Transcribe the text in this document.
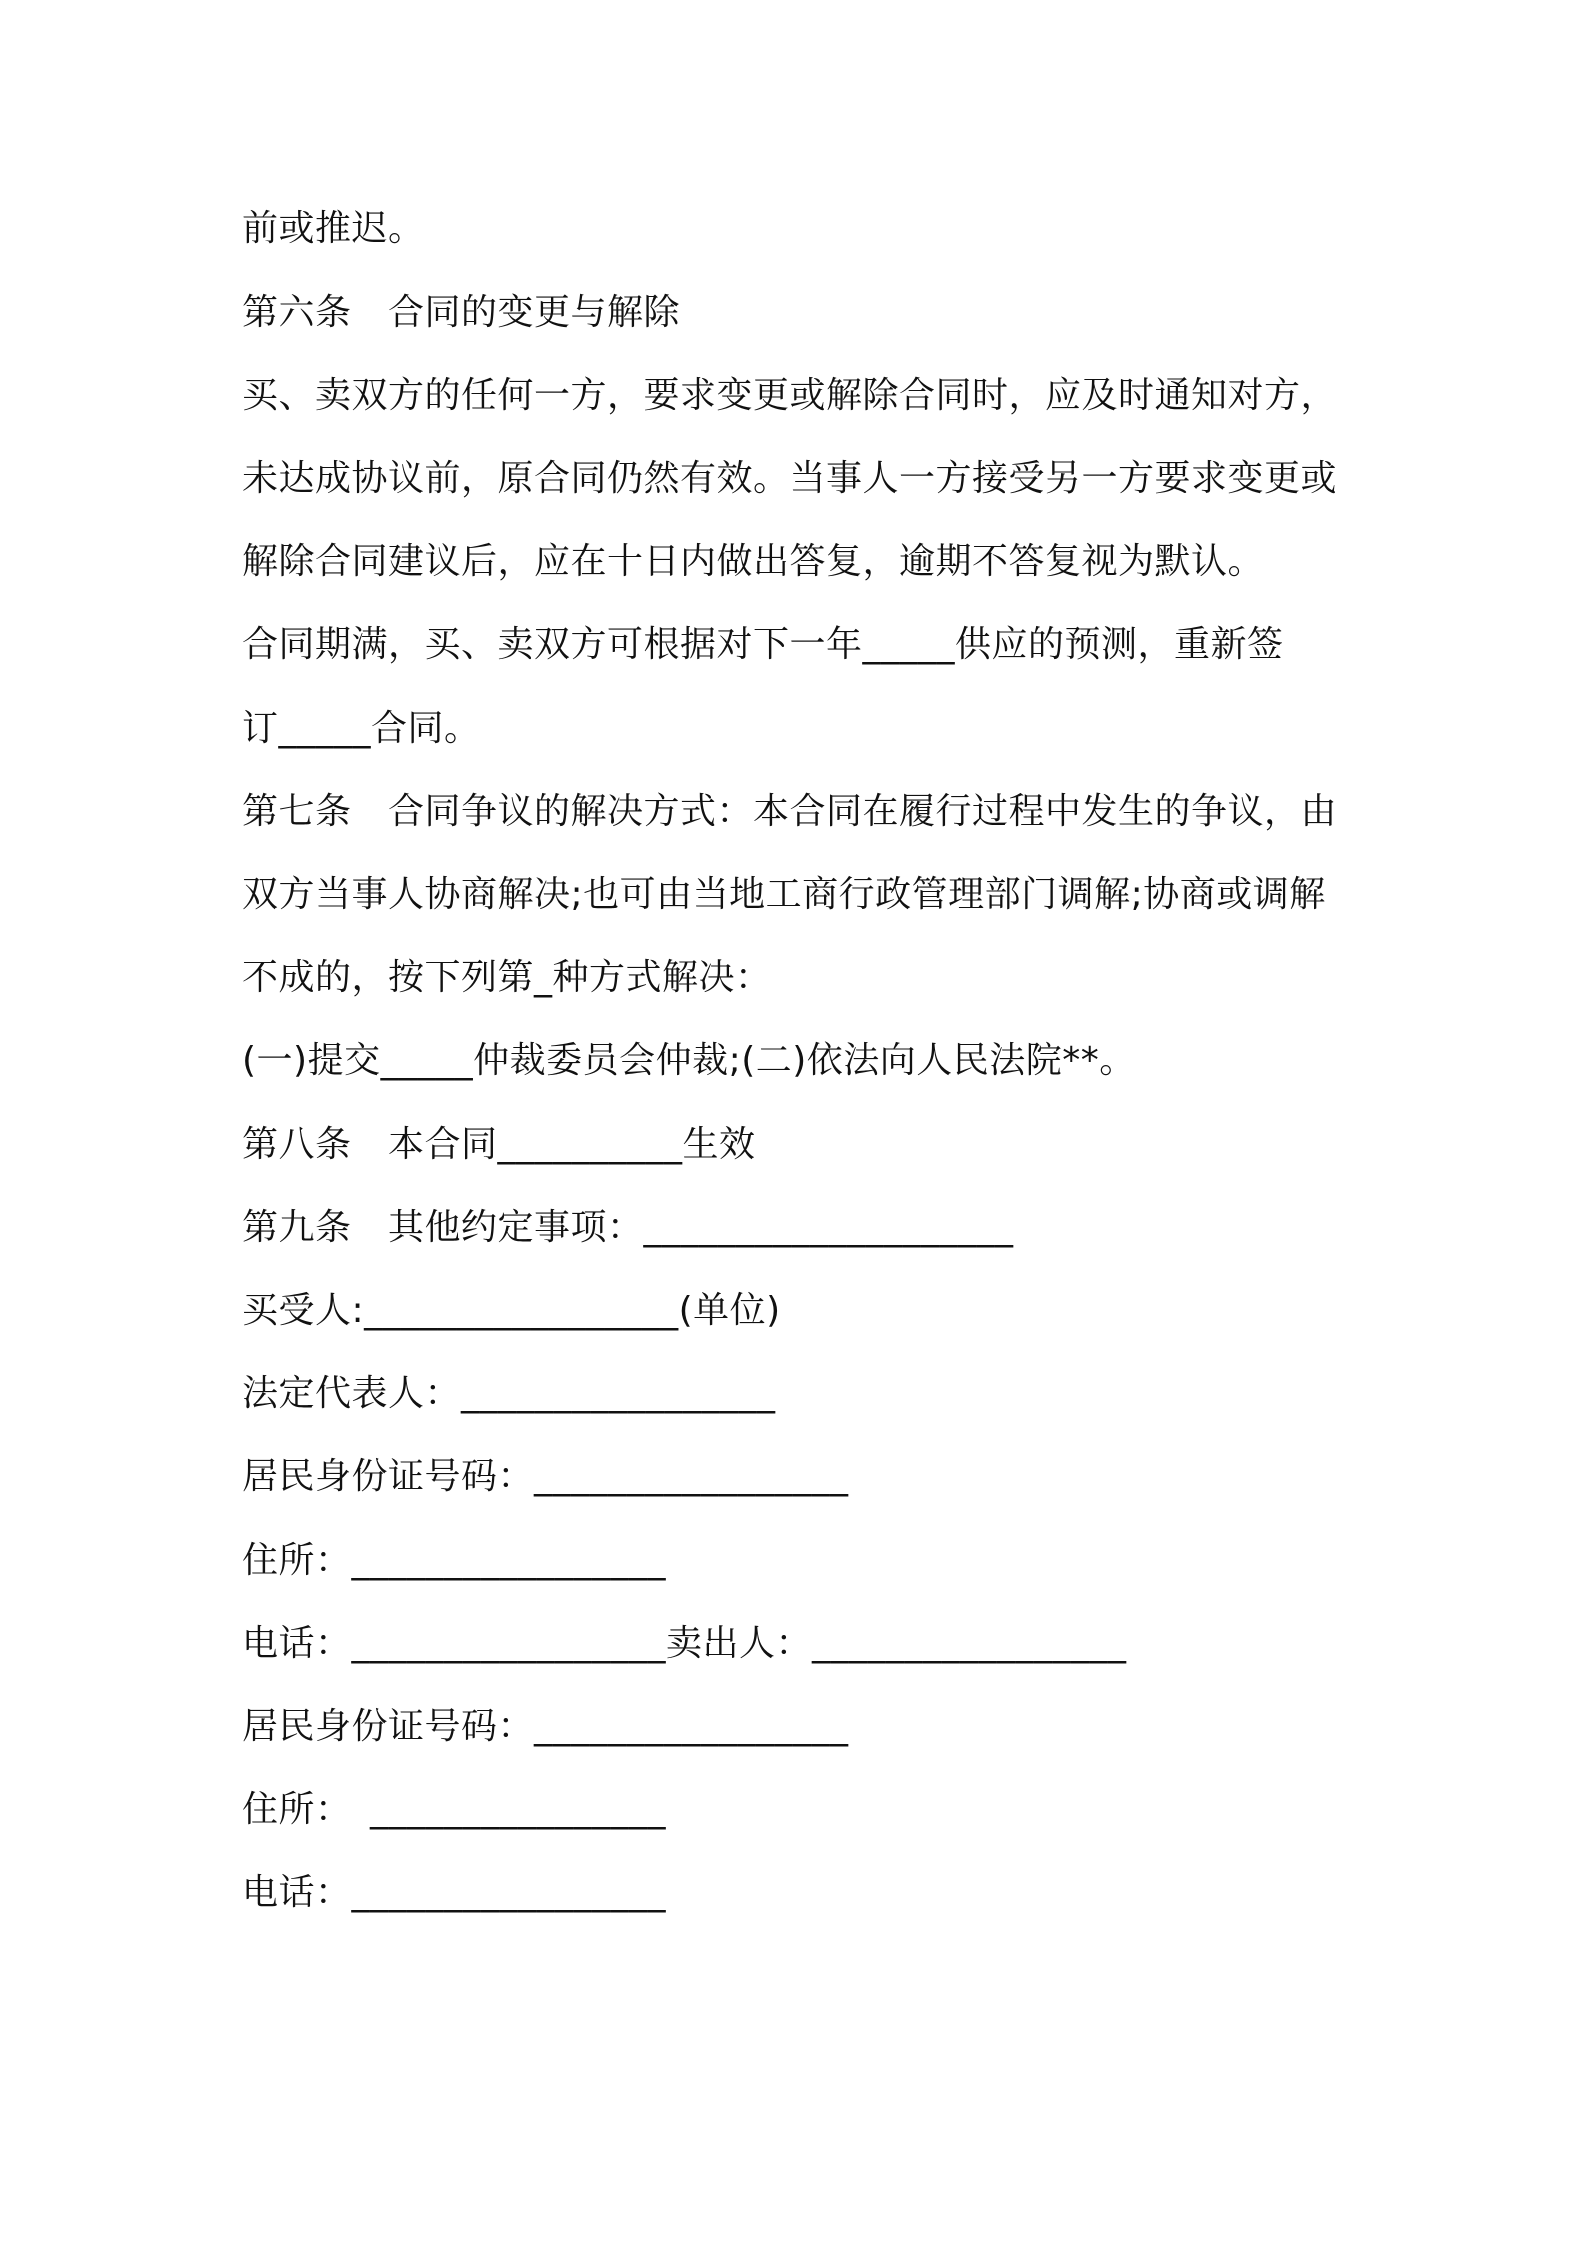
前或推迟。
第六条　合同的变更与解除
买、卖双方的任何一方，要求变更或解除合同时，应及时通知对方，
未达成协议前，原合同仍然有效。当事人一方接受另一方要求变更或
解除合同建议后，应在十日内做出答复，逾期不答复视为默认。
合同期满，买、卖双方可根据对下一年_____供应的预测，重新签
订_____合同。
第七条　合同争议的解决方式：本合同在履行过程中发生的争议，由
双方当事人协商解决;也可由当地工商行政管理部门调解;协商或调解
不成的，按下列第_种方式解决：
(一)提交_____仲裁委员会仲裁;(二)依法向人民法院**。
第八条　本合同__________生效
第九条　其他约定事项：____________________
买受人:_________________(单位)
法定代表人：_________________
居民身份证号码：_________________
住所：_________________
电话：_________________卖出人：_________________
居民身份证号码：_________________
住所：　________________
电话：_________________
